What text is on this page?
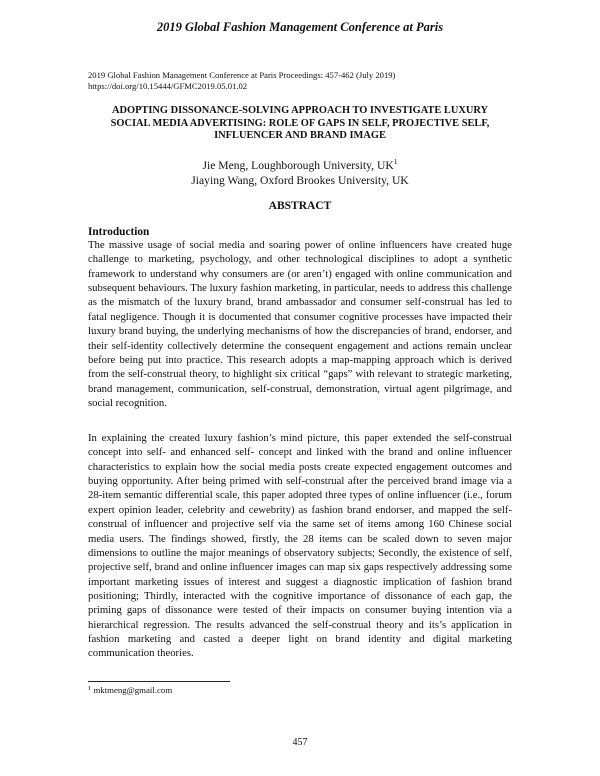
2019 Global Fashion Management Conference at Paris
2019 Global Fashion Management Conference at Paris Proceedings: 457-462 (July 2019)
https://doi.org/10.15444/GFMC2019.05.01.02
ADOPTING DISSONANCE-SOLVING APPROACH TO INVESTIGATE LUXURY
SOCIAL MEDIA ADVERTISING: ROLE OF GAPS IN SELF, PROJECTIVE SELF,
INFLUENCER AND BRAND IMAGE
Jie Meng, Loughborough University, $UK^1$
Jiaying Wang, Oxford Brookes University, UK
ABSTRACT
Introduction
The massive usage of social media and soaring power of online influencers have created huge challenge to marketing, psychology, and other technological disciplines to adopt a synthetic framework to understand why consumers are (or aren’t) engaged with online communication and subsequent behaviours. The luxury fashion marketing, in particular, needs to address this challenge as the mismatch of the luxury brand, brand ambassador and consumer self-construal has led to fatal negligence. Though it is documented that consumer cognitive processes have impacted their luxury brand buying, the underlying mechanisms of how the discrepancies of brand, endorser, and their self-identity collectively determine the consequent engagement and actions remain unclear before being put into practice. This research adopts a map-mapping approach which is derived from the self-construal theory, to highlight six critical “gaps” with relevant to strategic marketing, brand management, communication, self-construal, demonstration, virtual agent pilgrimage, and social recognition.
In explaining the created luxury fashion’s mind picture, this paper extended the self-construal concept into self- and enhanced self- concept and linked with the brand and online influencer characteristics to explain how the social media posts create expected engagement outcomes and buying opportunity. After being primed with self-construal after the perceived brand image via a 28-item semantic differential scale, this paper adopted three types of online influencer (i.e., forum expert opinion leader, celebrity and cewebrity) as fashion brand endorser, and mapped the self-construal of influencer and projective self via the same set of items among 160 Chinese social media users. The findings showed, firstly, the 28 items can be scaled down to seven major dimensions to outline the major meanings of observatory subjects; Secondly, the existence of self, projective self, brand and online influencer images can map six gaps respectively addressing some important marketing issues of interest and suggest a diagnostic implication of fashion brand positioning; Thirdly, interacted with the cognitive importance of dissonance of each gap, the priming gaps of dissonance were tested of their impacts on consumer buying intention via a hierarchical regression. The results advanced the self-construal theory and its’s application in fashion marketing and casted a deeper light on brand identity and digital marketing communication theories.
$^1$ mktmeng@gmail.com
457
